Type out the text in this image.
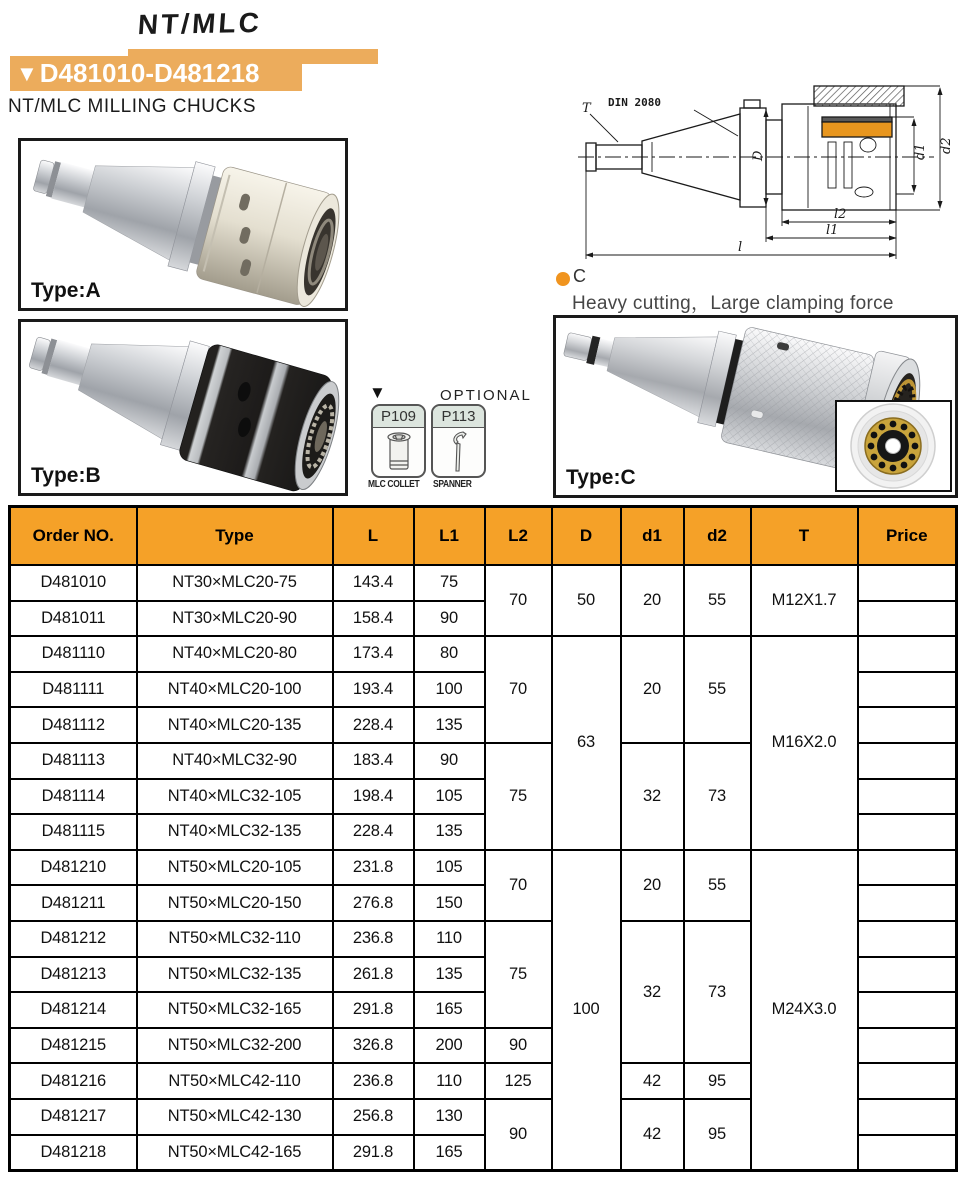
NT/MLC
▼ D481010-D481218
NT/MLC MILLING CHUCKS	DIN 2080
T
D	d1 d2
l2
l1
l
Type:A
Type:B
▼	OPTIONAL
P109
MLC COLLET
P113
SPANNER
C
Heavy cutting，Large clamping force
Type:C
Order NO.	Type	L	L1	L2	D	d1	d2	T	Price
D481010	NT30×MLC20-75	143.4	75	70	50	20	55	M12X1.7	
D481011	NT30×MLC20-90	158.4	90						
D481110	NT40×MLC20-80	173.4	80	70	63	20	55	M16X2.0	
D481111	NT40×MLC20-100	193.4	100						
D481112	NT40×MLC20-135	228.4	135						
D481113	NT40×MLC32-90	183.4	90	75		32	73		
D481114	NT40×MLC32-105	198.4	105						
D481115	NT40×MLC32-135	228.4	135						
D481210	NT50×MLC20-105	231.8	105	70	100	20	55	M24X3.0	
D481211	NT50×MLC20-150	276.8	150						
D481212	NT50×MLC32-110	236.8	110	75		32	73		
D481213	NT50×MLC32-135	261.8	135						
D481214	NT50×MLC32-165	291.8	165						
D481215	NT50×MLC32-200	326.8	200	90					
D481216	NT50×MLC42-110	236.8	110	125		42	95		
D481217	NT50×MLC42-130	256.8	130	90		42	95		
D481218	NT50×MLC42-165	291.8	165						
